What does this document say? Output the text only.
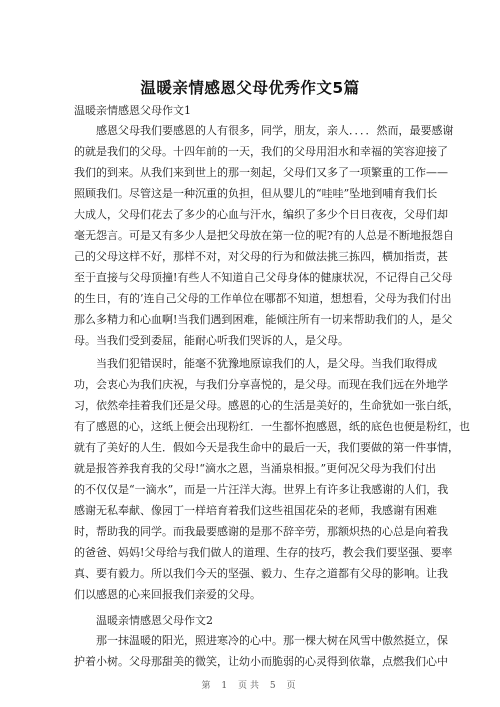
温暖亲情感恩父母优秀作文5篇
温暖亲情感恩父母作文1
感恩父母我们要感恩的人有很多，同学，朋友，亲人．．．．然而，最要感谢
的就是我们的父母。十四年前的一天，我们的父母用泪水和幸福的笑容迎接了
我们的到来。从我们来到世上的那一刻起，父母们又多了一项繁重的工作——
照顾我们。尽管这是一种沉重的负担，但从婴儿的“哇哇”坠地到哺育我们长
大成人，父母们花去了多少的心血与汗水，编织了多少个日日夜夜，父母们却
毫无怨言。可是又有多少人是把父母放在第一位的呢?有的人总是不断地报怨自
己的父母这样不好，那样不对，对父母的行为和做法挑三拣四，横加指责，甚
至于直接与父母顶撞!有些人不知道自己父母身体的健康状况，不记得自己父母
的生日，有的’连自己父母的工作单位在哪都不知道，想想看，父母为我们付出
那么多精力和心血啊!当我们遇到困难，能倾注所有一切来帮助我们的人，是父
母。当我们受到委屈，能耐心听我们哭诉的人，是父母。
当我们犯错误时，能毫不犹豫地原谅我们的人，是父母。当我们取得成
功，会衷心为我们庆祝，与我们分享喜悦的，是父母。而现在我们远在外地学
习，依然牵挂着我们还是父母。感恩的心的生活是美好的，生命犹如一张白纸，
有了感恩的心，这纸上便会出现粉红．一生都怀抱感恩，纸的底色也便是粉红，也
就有了美好的人生．假如今天是我生命中的最后一天，我们要做的第一件事情，
就是报答养我育我的父母!“滴水之恩，当涌泉相报。”更何况父母为我们付出
的不仅仅是“一滴水”，而是一片汪洋大海。世界上有许多让我感谢的人们，我
感谢无私奉献、像园丁一样培育着我们这些祖国花朵的老师，我感谢有困难
时，帮助我的同学。而我最要感谢的是那不辞辛劳，那额炽热的心总是向着我
的爸爸、妈妈!父母给与我们做人的道理、生存的技巧，教会我们要坚强、要率
真、要有毅力。所以我们今天的坚强、毅力、生存之道都有父母的影响。让我
们以感恩的心来回报我们亲爱的父母。
温暖亲情感恩父母作文2
那一抹温暖的阳光，照进寒冷的心中。那一棵大树在风雪中傲然挺立，保
护着小树。父母那甜美的微笑，让幼小而脆弱的心灵得到依靠，点燃我们心中
第 1 页共 5 页
